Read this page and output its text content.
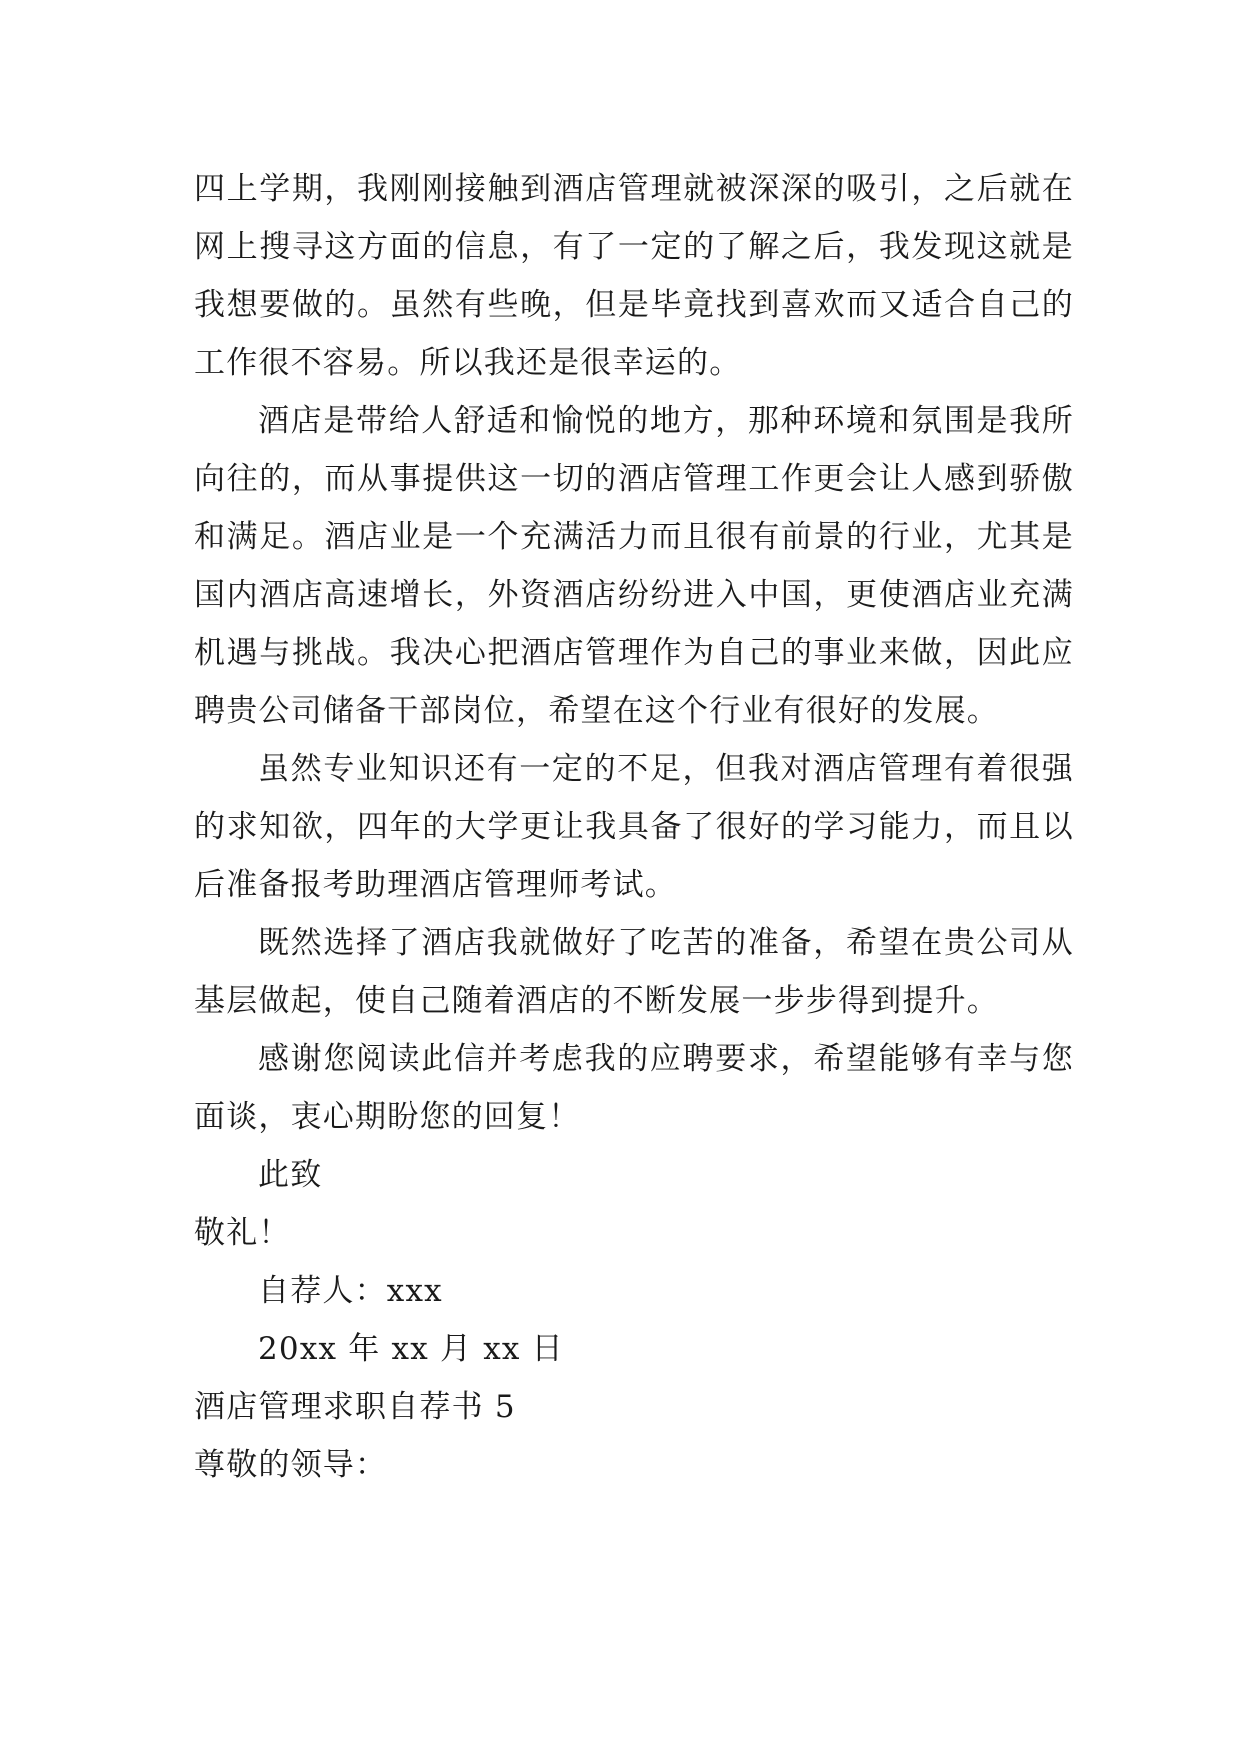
四上学期，我刚刚接触到酒店管理就被深深的吸引，之后就在网上搜寻这方面的信息，有了一定的了解之后，我发现这就是我想要做的。虽然有些晚，但是毕竟找到喜欢而又适合自己的工作很不容易。所以我还是很幸运的。

酒店是带给人舒适和愉悦的地方，那种环境和氛围是我所向往的，而从事提供这一切的酒店管理工作更会让人感到骄傲和满足。酒店业是一个充满活力而且很有前景的行业，尤其是国内酒店高速增长，外资酒店纷纷进入中国，更使酒店业充满机遇与挑战。我决心把酒店管理作为自己的事业来做，因此应聘贵公司储备干部岗位，希望在这个行业有很好的发展。

虽然专业知识还有一定的不足，但我对酒店管理有着很强的求知欲，四年的大学更让我具备了很好的学习能力，而且以后准备报考助理酒店管理师考试。

既然选择了酒店我就做好了吃苦的准备，希望在贵公司从基层做起，使自己随着酒店的不断发展一步步得到提升。

感谢您阅读此信并考虑我的应聘要求，希望能够有幸与您面谈，衷心期盼您的回复！

此致

敬礼！

自荐人：xxx

20xx 年 xx 月 xx 日

酒店管理求职自荐书 5

尊敬的领导：
